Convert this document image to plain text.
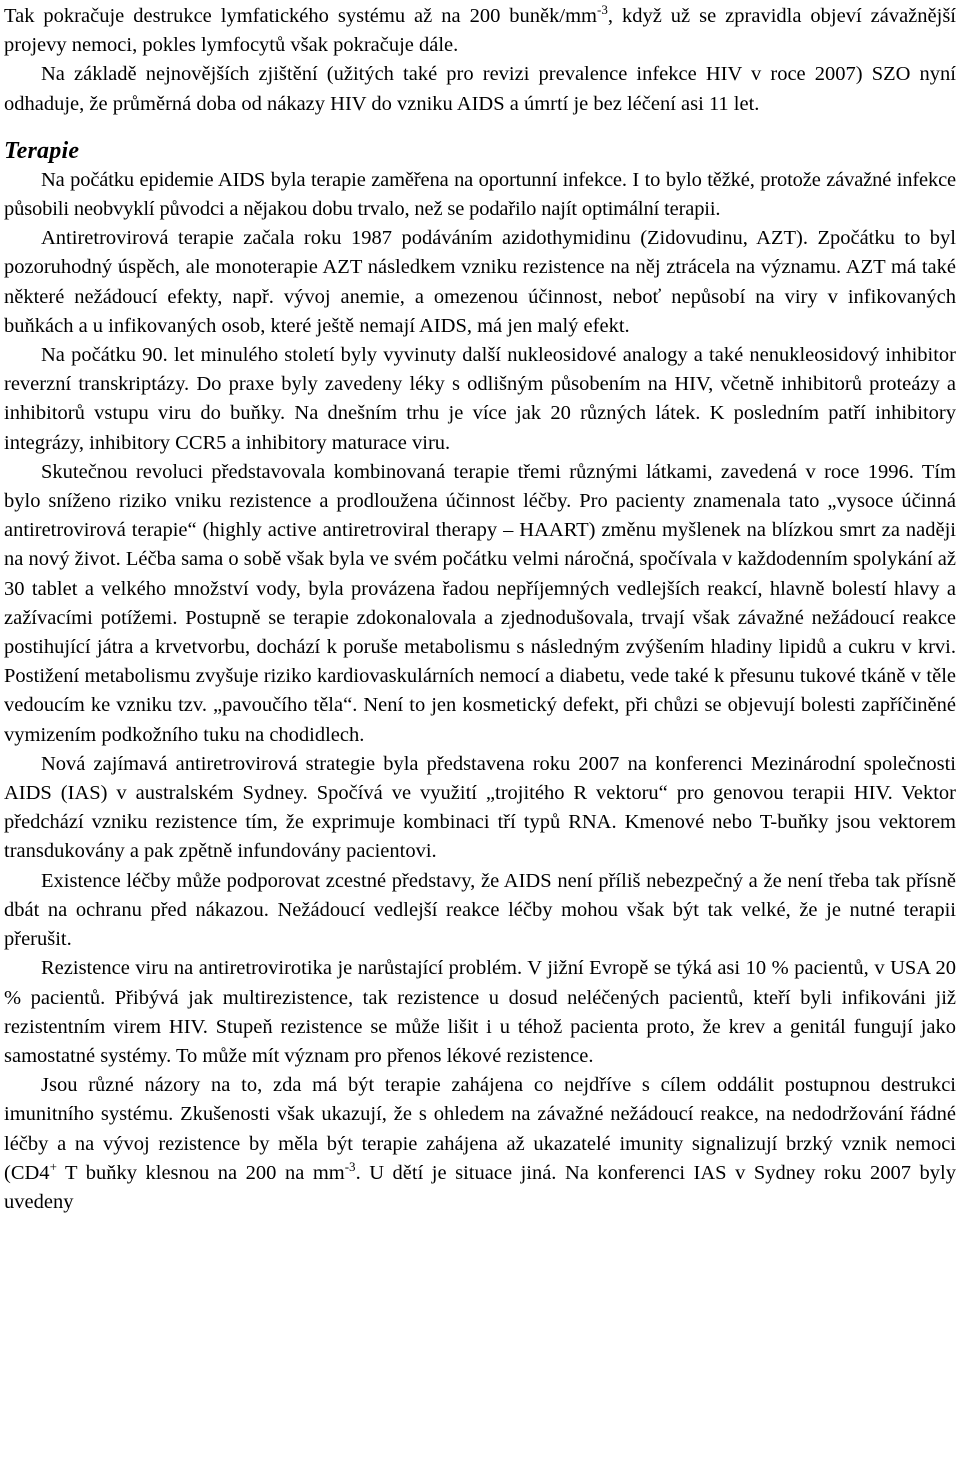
Tak pokračuje destrukce lymfatického systému až na 200 buněk/$mm^{-3}$, když už se zpravidla objeví závažnější projevy nemoci, pokles lymfocytů však pokračuje dále.

Na základě nejnovějších zjištění (užitých také pro revizi prevalence infekce HIV v roce 2007) SZO nyní odhaduje, že průměrná doba od nákazy HIV do vzniku AIDS a úmrtí je bez léčení asi 11 let.

Terapie

Na počátku epidemie AIDS byla terapie zaměřena na oportunní infekce. I to bylo těžké, protože závažné infekce působili neobvyklí původci a nějakou dobu trvalo, než se podařilo najít optimální terapii.

Antiretrovirová terapie začala roku 1987 podáváním azidothymidinu (Zidovudinu, AZT). Zpočátku to byl pozoruhodný úspěch, ale monoterapie AZT následkem vzniku rezistence na něj ztrácela na významu. AZT má také některé nežádoucí efekty, např. vývoj anemie, a omezenou účinnost, neboť nepůsobí na viry v infikovaných buňkách a u infikovaných osob, které ještě nemají AIDS, má jen malý efekt.

Na počátku 90. let minulého století byly vyvinuty další nukleosidové analogy a také nenukleosidový inhibitor reverzní transkriptázy. Do praxe byly zavedeny léky s odlišným působením na HIV, včetně inhibitorů proteázy a inhibitorů vstupu viru do buňky. Na dnešním trhu je více jak 20 různých látek. K posledním patří inhibitory integrázy, inhibitory CCR5 a inhibitory maturace viru.

Skutečnou revoluci představovala kombinovaná terapie třemi různými látkami, zavedená v roce 1996. Tím bylo sníženo riziko vniku rezistence a prodloužena účinnost léčby. Pro pacienty znamenala tato „vysoce účinná antiretrovirová terapie“ (highly active antiretroviral therapy – HAART) změnu myšlenek na blízkou smrt za naději na nový život. Léčba sama o sobě však byla ve svém počátku velmi náročná, spočívala v každodenním spolykání až 30 tablet a velkého množství vody, byla provázena řadou nepříjemných vedlejších reakcí, hlavně bolestí hlavy a zažívacími potížemi. Postupně se terapie zdokonalovala a zjednodušovala, trvají však závažné nežádoucí reakce postihující játra a krvetvorbu, dochází k poruše metabolismu s následným zvýšením hladiny lipidů a cukru v krvi. Postižení metabolismu zvyšuje riziko kardiovaskulárních nemocí a diabetu, vede také k přesunu tukové tkáně v těle vedoucím ke vzniku tzv. „pavoučího těla“. Není to jen kosmetický defekt, při chůzi se objevují bolesti zapříčiněné vymizením podkožního tuku na chodidlech.

Nová zajímavá antiretrovirová strategie byla představena roku 2007 na konferenci Mezinárodní společnosti AIDS (IAS) v australském Sydney. Spočívá ve využití „trojitého R vektoru“ pro genovou terapii HIV. Vektor předchází vzniku rezistence tím, že exprimuje kombinaci tří typů RNA. Kmenové nebo T-buňky jsou vektorem transdukovány a pak zpětně infundovány pacientovi.

Existence léčby může podporovat zcestné představy, že AIDS není příliš nebezpečný a že není třeba tak přísně dbát na ochranu před nákazou. Nežádoucí vedlejší reakce léčby mohou však být tak velké, že je nutné terapii přerušit.

Rezistence viru na antiretrovirotika je narůstající problém. V jižní Evropě se týká asi 10 % pacientů, v USA 20 % pacientů. Přibývá jak multirezistence, tak rezistence u dosud neléčených pacientů, kteří byli infikováni již rezistentním virem HIV. Stupeň rezistence se může lišit i u téhož pacienta proto, že krev a genitál fungují jako samostatné systémy. To může mít význam pro přenos lékové rezistence.

Jsou různé názory na to, zda má být terapie zahájena co nejdříve s cílem oddálit postupnou destrukci imunitního systému. Zkušenosti však ukazují, že s ohledem na závažné nežádoucí reakce, na nedodržování řádné léčby a na vývoj rezistence by měla být terapie zahájena až ukazatelé imunity signalizují brzký vznik nemoci (CD4+ T buňky klesnou na 200 na $mm^{-3}$. U dětí je situace jiná. Na konferenci IAS v Sydney roku 2007 byly uvedeny
